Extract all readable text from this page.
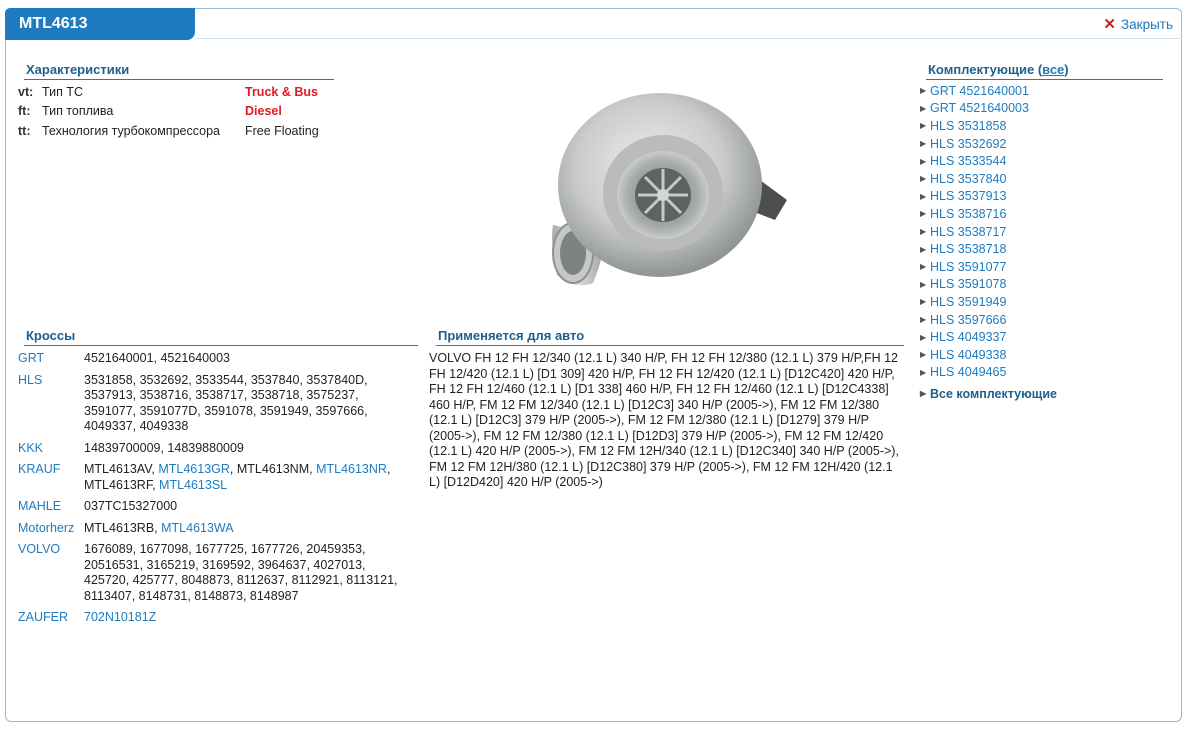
MTL4613	✕ Закрыть
Характеристики
vt: Тип ТС	Truck & Bus
ft: Тип топлива	Diesel
tt: Технология турбокомпрессора	Free Floating
Кроссы
GRT	4521640001, 4521640003
HLS	3531858, 3532692, 3533544, 3537840, 3537840D, 3537913, 3538716, 3538717, 3538718, 3575237, 3591077, 3591077D, 3591078, 3591949, 3597666, 4049337, 4049338
KKK	14839700009, 14839880009
KRAUF	MTL4613AV, MTL4613GR, MTL4613NM, MTL4613NR, MTL4613RF, MTL4613SL
MAHLE	037TC15327000
Motorherz MTL4613RB, MTL4613WA
VOLVO	1676089, 1677098, 1677725, 1677726, 20459353, 20516531, 3165219, 3169592, 3964637, 4027013, 425720, 425777, 8048873, 8112637, 8112921, 8113121, 8113407, 8148731, 8148873, 8148987
ZAUFER	702N10181Z
Применяется для авто
VOLVO FH 12 FH 12/340 (12.1 L) 340 H/P, FH 12 FH 12/380 (12.1 L) 379 H/P,FH 12 FH 12/420 (12.1 L) [D1 309] 420 H/P, FH 12 FH 12/420 (12.1 L) [D12C420] 420 H/P, FH 12 FH 12/460 (12.1 L) [D1 338] 460 H/P, FH 12 FH 12/460 (12.1 L) [D12C4338] 460 H/P, FM 12 FM 12/340 (12.1 L) [D12C3] 340 H/P (2005->), FM 12 FM 12/380 (12.1 L) [D12C3] 379 H/P (2005->), FM 12 FM 12/380 (12.1 L) [D1279] 379 H/P (2005->), FM 12 FM 12/380 (12.1 L) [D12D3] 379 H/P (2005->), FM 12 FM 12/420 (12.1 L) 420 H/P (2005->), FM 12 FM 12H/340 (12.1 L) [D12C340] 340 H/P (2005->), FM 12 FM 12H/380 (12.1 L) [D12C380] 379 H/P (2005->), FM 12 FM 12H/420 (12.1 L) [D12D420] 420 H/P (2005->)
Комплектующие (все)
▶ GRT 4521640001
▶ GRT 4521640003
▶ HLS 3531858
▶ HLS 3532692
▶ HLS 3533544
▶ HLS 3537840
▶ HLS 3537913
▶ HLS 3538716
▶ HLS 3538717
▶ HLS 3538718
▶ HLS 3591077
▶ HLS 3591078
▶ HLS 3591949
▶ HLS 3597666
▶ HLS 4049337
▶ HLS 4049338
▶ HLS 4049465
▶ Все комплектующие
